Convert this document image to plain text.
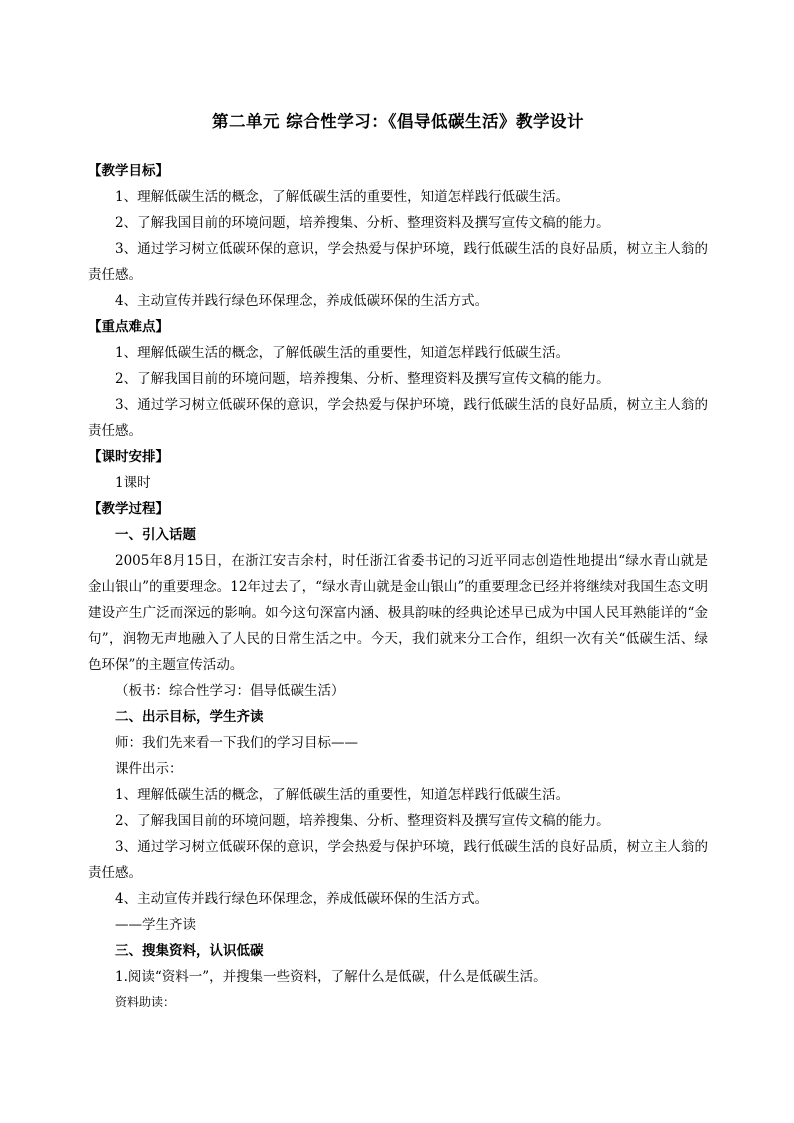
第二单元 综合性学习：《倡导低碳生活》教学设计

【教学目标】

1、理解低碳生活的概念，了解低碳生活的重要性，知道怎样践行低碳生活。

2、了解我国目前的环境问题，培养搜集、分析、整理资料及撰写宣传文稿的能力。

3、通过学习树立低碳环保的意识，学会热爱与保护环境，践行低碳生活的良好品质，树立主人翁的责任感。

4、主动宣传并践行绿色环保理念，养成低碳环保的生活方式。

【重点难点】

1、理解低碳生活的概念，了解低碳生活的重要性，知道怎样践行低碳生活。

2、了解我国目前的环境问题，培养搜集、分析、整理资料及撰写宣传文稿的能力。

3、通过学习树立低碳环保的意识，学会热爱与保护环境，践行低碳生活的良好品质，树立主人翁的责任感。

【课时安排】

1课时

【教学过程】

一、引入话题

2005年8月15日，在浙江安吉余村，时任浙江省委书记的习近平同志创造性地提出“绿水青山就是金山银山”的重要理念。12年过去了，“绿水青山就是金山银山”的重要理念已经并将继续对我国生态文明建设产生广泛而深远的影响。如今这句深富内涵、极具韵味的经典论述早已成为中国人民耳熟能详的“金句”，润物无声地融入了人民的日常生活之中。今天，我们就来分工合作，组织一次有关“低碳生活、绿色环保”的主题宣传活动。

（板书：综合性学习：倡导低碳生活）

二、出示目标，学生齐读

师：我们先来看一下我们的学习目标——

课件出示：

1、理解低碳生活的概念，了解低碳生活的重要性，知道怎样践行低碳生活。

2、了解我国目前的环境问题，培养搜集、分析、整理资料及撰写宣传文稿的能力。

3、通过学习树立低碳环保的意识，学会热爱与保护环境，践行低碳生活的良好品质，树立主人翁的责任感。

4、主动宣传并践行绿色环保理念，养成低碳环保的生活方式。

——学生齐读

三、搜集资料，认识低碳

1.阅读“资料一”，并搜集一些资料，了解什么是低碳，什么是低碳生活。

资料助读：
